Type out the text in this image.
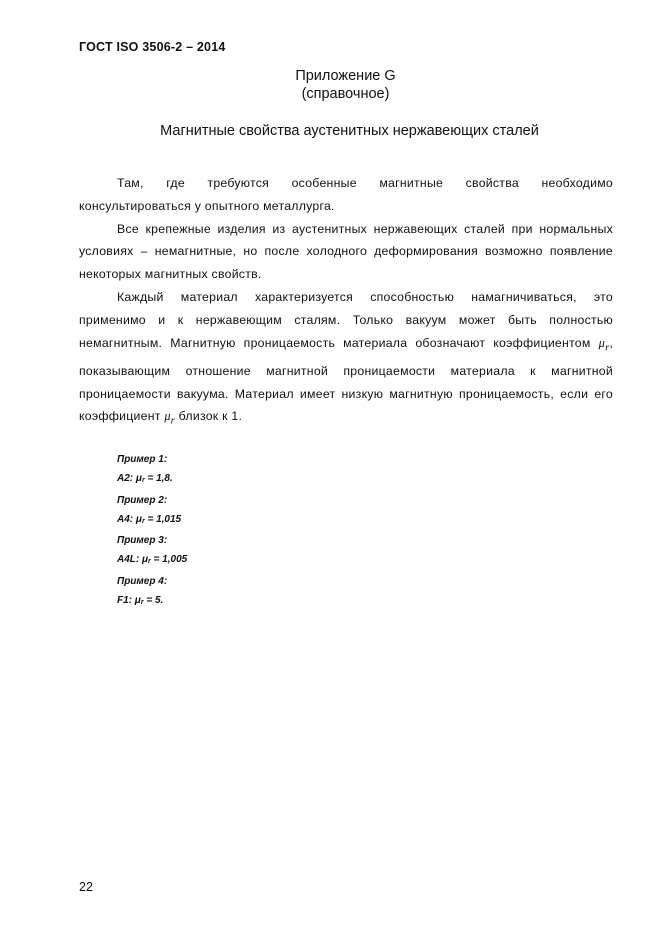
ГОСТ ISO 3506-2 – 2014
Приложение G
(справочное)
Магнитные свойства аустенитных нержавеющих сталей

Там, где требуются особенные магнитные свойства необходимо консультироваться у опытного металлурга.

Все крепежные изделия из аустенитных нержавеющих сталей при нормальных условиях – немагнитные, но после холодного деформирования возможно появление некоторых магнитных свойств.

Каждый материал характеризуется способностью намагничиваться, это применимо и к нержавеющим сталям. Только вакуум может быть полностью немагнитным. Магнитную проницаемость материала обозначают коэффициентом $\mu_r$, показывающим отношение магнитной проницаемости материала к магнитной проницаемости вакуума. Материал имеет низкую магнитную проницаемость, если его коэффициент $\mu_r$ близок к 1.

Пример 1:
A2: μr = 1,8.
Пример 2:
A4: μr = 1,015
Пример 3:
A4L: μr = 1,005
Пример 4:
F1: μr = 5.
22
